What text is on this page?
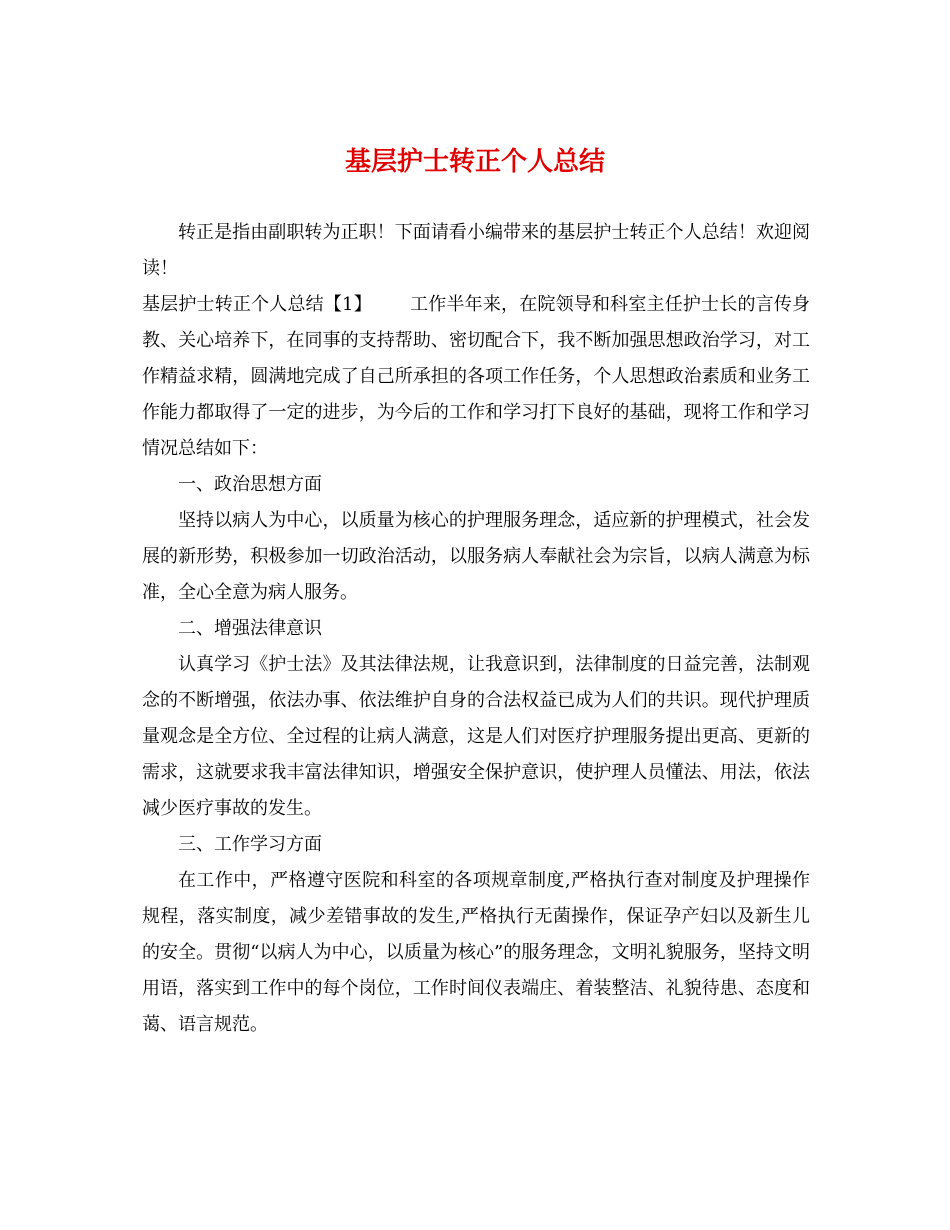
基层护士转正个人总结

转正是指由副职转为正职！下面请看小编带来的基层护士转正个人总结！欢迎阅读！

基层护士转正个人总结【1】 工作半年来，在院领导和科室主任护士长的言传身教、关心培养下，在同事的支持帮助、密切配合下，我不断加强思想政治学习，对工作精益求精，圆满地完成了自己所承担的各项工作任务，个人思想政治素质和业务工作能力都取得了一定的进步，为今后的工作和学习打下良好的基础，现将工作和学习情况总结如下：

一、政治思想方面

坚持以病人为中心，以质量为核心的护理服务理念，适应新的护理模式，社会发展的新形势，积极参加一切政治活动，以服务病人奉献社会为宗旨，以病人满意为标准，全心全意为病人服务。

二、增强法律意识

认真学习《护士法》及其法律法规，让我意识到，法律制度的日益完善，法制观念的不断增强，依法办事、依法维护自身的合法权益已成为人们的共识。现代护理质量观念是全方位、全过程的让病人满意，这是人们对医疗护理服务提出更高、更新的需求，这就要求我丰富法律知识，增强安全保护意识，使护理人员懂法、用法，依法减少医疗事故的发生。

三、工作学习方面

在工作中，严格遵守医院和科室的各项规章制度,严格执行查对制度及护理操作规程，落实制度，减少差错事故的发生,严格执行无菌操作，保证孕产妇以及新生儿的安全。贯彻“以病人为中心，以质量为核心”的服务理念，文明礼貌服务，坚持文明用语，落实到工作中的每个岗位，工作时间仪表端庄、着装整洁、礼貌待患、态度和蔼、语言规范。
